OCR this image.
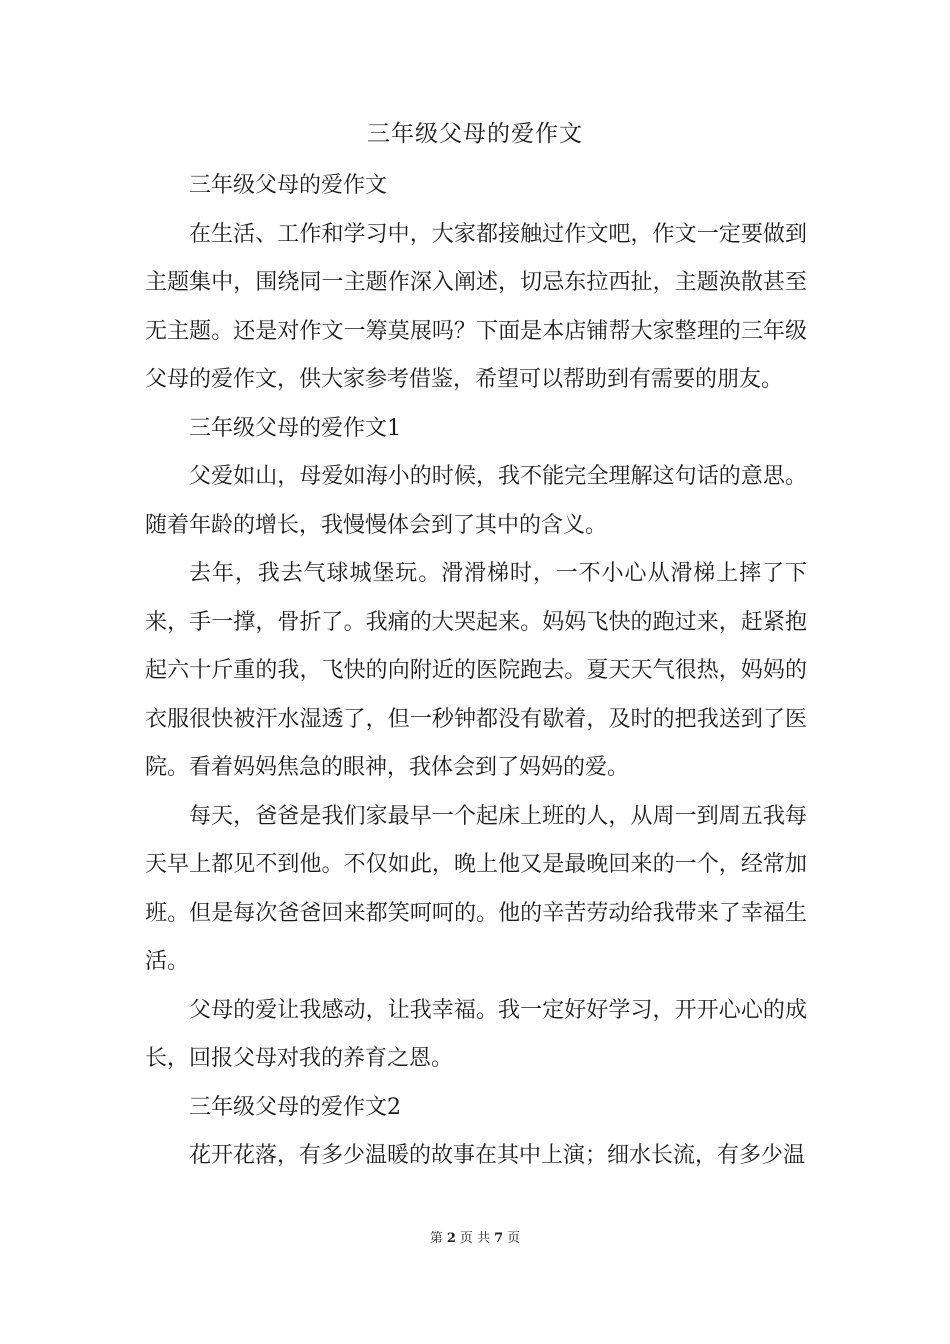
三年级父母的爱作文

三年级父母的爱作文

在生活、工作和学习中，大家都接触过作文吧，作文一定要做到主题集中，围绕同一主题作深入阐述，切忌东拉西扯，主题涣散甚至无主题。还是对作文一筹莫展吗？下面是本店铺帮大家整理的三年级父母的爱作文，供大家参考借鉴，希望可以帮助到有需要的朋友。

三年级父母的爱作文1

父爱如山，母爱如海小的时候，我不能完全理解这句话的意思。随着年龄的增长，我慢慢体会到了其中的含义。

去年，我去气球城堡玩。滑滑梯时，一不小心从滑梯上摔了下来，手一撑，骨折了。我痛的大哭起来。妈妈飞快的跑过来，赶紧抱起六十斤重的我，飞快的向附近的医院跑去。夏天天气很热，妈妈的衣服很快被汗水湿透了，但一秒钟都没有歇着，及时的把我送到了医院。看着妈妈焦急的眼神，我体会到了妈妈的爱。

每天，爸爸是我们家最早一个起床上班的人，从周一到周五我每天早上都见不到他。不仅如此，晚上他又是最晚回来的一个，经常加班。但是每次爸爸回来都笑呵呵的。他的辛苦劳动给我带来了幸福生活。

父母的爱让我感动，让我幸福。我一定好好学习，开开心心的成长，回报父母对我的养育之恩。

三年级父母的爱作文2

花开花落，有多少温暖的故事在其中上演；细水长流，有多少温

第 2 页 共 7 页
